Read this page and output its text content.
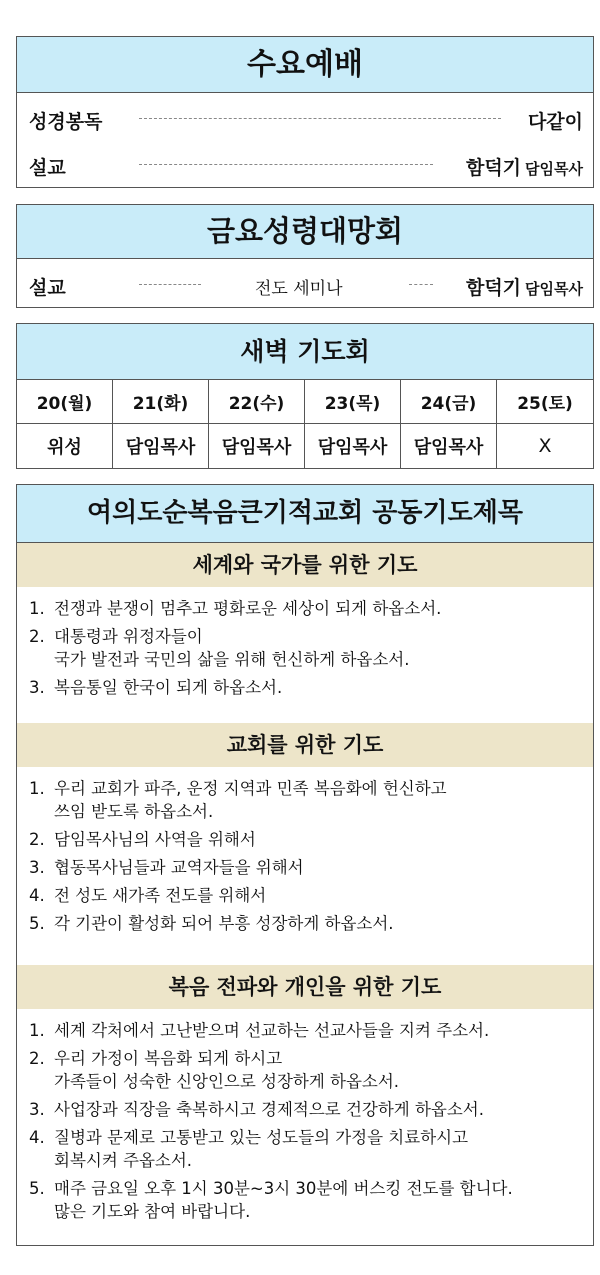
수요예배
성경봉독	다같이
설교	함덕기 담임목사
금요성령대망회
설교	전도 세미나	함덕기 담임목사
새벽 기도회
20(월)	21(화)	22(수)	23(목)	24(금)	25(토)
위성	담임목사	담임목사	담임목사	담임목사	X
여의도순복음큰기적교회 공동기도제목
세계와 국가를 위한 기도
1. 전쟁과 분쟁이 멈추고 평화로운 세상이 되게 하옵소서.
2. 대통령과 위정자들이
국가 발전과 국민의 삶을 위해 헌신하게 하옵소서.
3. 복음통일 한국이 되게 하옵소서.
교회를 위한 기도
1. 우리 교회가 파주, 운정 지역과 민족 복음화에 헌신하고
쓰임 받도록 하옵소서.
2. 담임목사님의 사역을 위해서
3. 협동목사님들과 교역자들을 위해서
4. 전 성도 새가족 전도를 위해서
5. 각 기관이 활성화 되어 부흥 성장하게 하옵소서.
복음 전파와 개인을 위한 기도
1. 세계 각처에서 고난받으며 선교하는 선교사들을 지켜 주소서.
2. 우리 가정이 복음화 되게 하시고
가족들이 성숙한 신앙인으로 성장하게 하옵소서.
3. 사업장과 직장을 축복하시고 경제적으로 건강하게 하옵소서.
4. 질병과 문제로 고통받고 있는 성도들의 가정을 치료하시고
회복시켜 주옵소서.
5. 매주 금요일 오후 1시 30분~3시 30분에 버스킹 전도를 합니다.
많은 기도와 참여 바랍니다.
